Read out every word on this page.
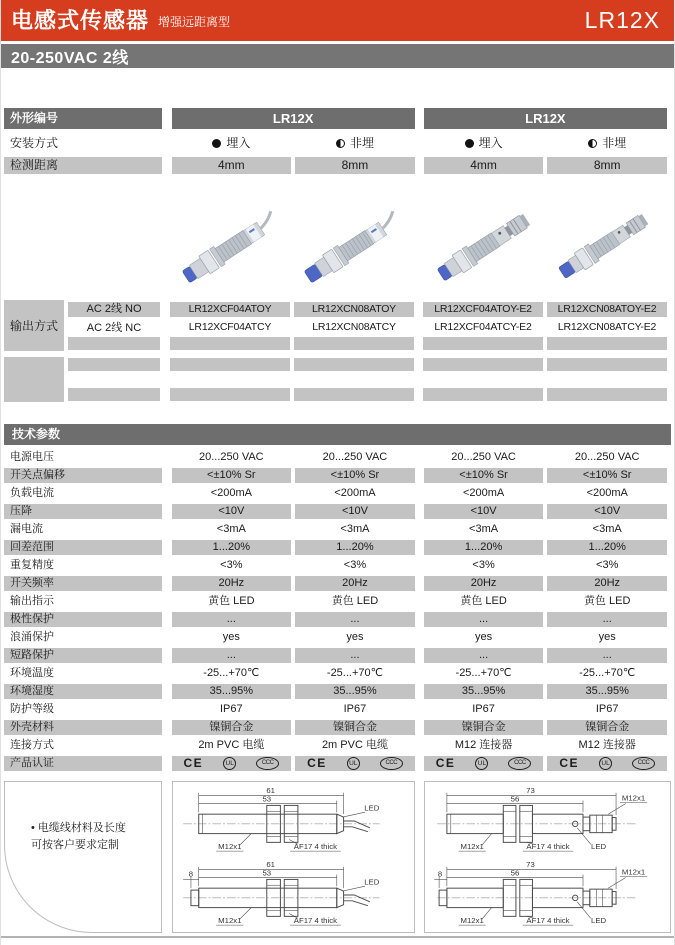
电感式传感器 增强远距离型	LR12X
20-250VAC 2线
外形编号	LR12X	LR12X
安装方式	埋入	非埋	埋入	非埋
检测距离	4mm	8mm	4mm	8mm
输出方式
AC 2线 NO	LR12XCF04ATOY	LR12XCN08ATOY	LR12XCF04ATOY-E2	LR12XCN08ATOY-E2
AC 2线 NC	LR12XCF04ATCY	LR12XCN08ATCY	LR12XCF04ATCY-E2	LR12XCN08ATCY-E2
技术参数
电源电压	20...250 VAC	20...250 VAC	20...250 VAC	20...250 VAC
开关点偏移	<±10% Sr	<±10% Sr	<±10% Sr	<±10% Sr
负载电流	<200mA	<200mA	<200mA	<200mA
压降	<10V	<10V	<10V	<10V
漏电流	<3mA	<3mA	<3mA	<3mA
回差范围	1...20%	1...20%	1...20%	1...20%
重复精度	<3%	<3%	<3%	<3%
开关频率	20Hz	20Hz	20Hz	20Hz
输出指示	黄色 LED	黄色 LED	黄色 LED	黄色 LED
极性保护	...	...	...	...
浪涌保护	yes	yes	yes	yes
短路保护	...	...	...	...
环境温度	-25...+70℃	-25...+70℃	-25...+70℃	-25...+70℃
环境湿度	35...95%	35...95%	35...95%	35...95%
防护等级	IP67	IP67	IP67	IP67
外壳材料	镍铜合金	镍铜合金	镍铜合金	镍铜合金
连接方式	2m PVC 电缆	2m PVC 电缆	M12 连接器	M12 连接器
产品认证	CE	UL	CCC	CE	UL	CCC	CE	UL	CCC	CE	UL	CCC
• 电缆线材料及长度
可按客户要求定制
61
53
M12x1	AF17 4 thick
LED
61
53
8
M12x1	AF17 4 thick
LED
73
56	M12x1
M12x1	AF17 4 thick	LED
73
56
8	M12x1
M12x1	AF17 4 thick	LED
